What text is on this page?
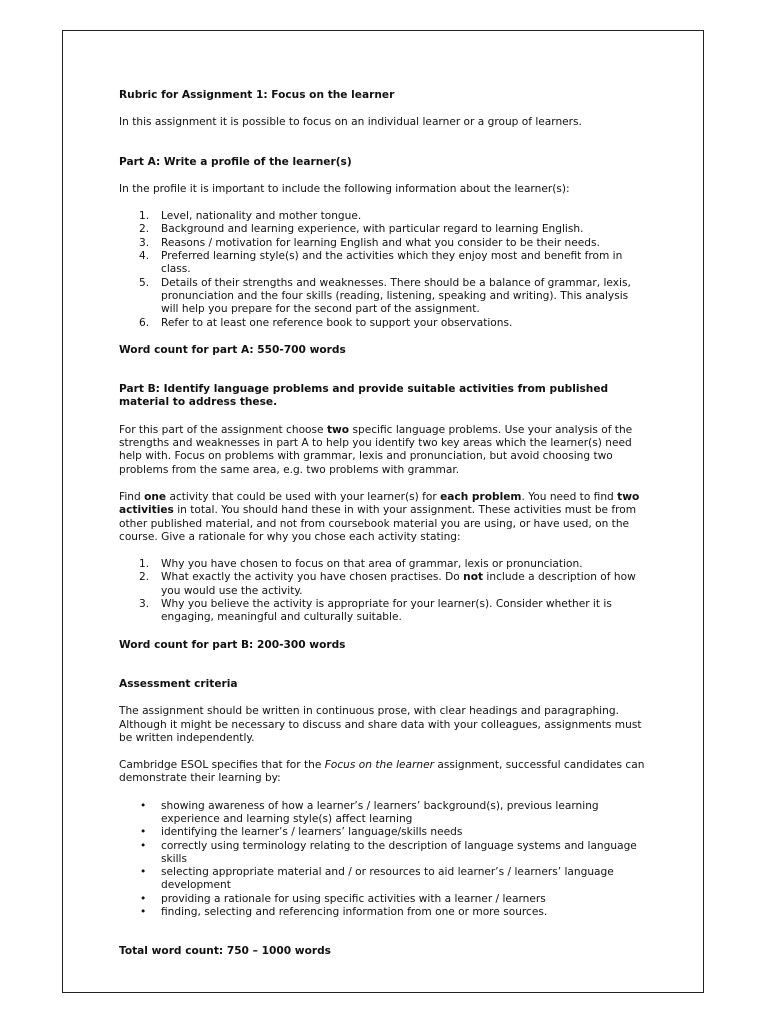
Rubric for Assignment 1: Focus on the learner

In this assignment it is possible to focus on an individual learner or a group of learners.

Part A: Write a profile of the learner(s)

In the profile it is important to include the following information about the learner(s):

1. Level, nationality and mother tongue.
2. Background and learning experience, with particular regard to learning English.
3. Reasons / motivation for learning English and what you consider to be their needs.
4. Preferred learning style(s) and the activities which they enjoy most and benefit from in class.
5. Details of their strengths and weaknesses. There should be a balance of grammar, lexis, pronunciation and the four skills (reading, listening, speaking and writing). This analysis will help you prepare for the second part of the assignment.
6. Refer to at least one reference book to support your observations.

Word count for part A: 550-700 words

Part B: Identify language problems and provide suitable activities from published material to address these.

For this part of the assignment choose two specific language problems. Use your analysis of the strengths and weaknesses in part A to help you identify two key areas which the learner(s) need help with. Focus on problems with grammar, lexis and pronunciation, but avoid choosing two problems from the same area, e.g. two problems with grammar.

Find one activity that could be used with your learner(s) for each problem. You need to find two activities in total. You should hand these in with your assignment. These activities must be from other published material, and not from coursebook material you are using, or have used, on the course. Give a rationale for why you chose each activity stating:

1. Why you have chosen to focus on that area of grammar, lexis or pronunciation.
2. What exactly the activity you have chosen practises. Do not include a description of how you would use the activity.
3. Why you believe the activity is appropriate for your learner(s). Consider whether it is engaging, meaningful and culturally suitable.

Word count for part B: 200-300 words

Assessment criteria

The assignment should be written in continuous prose, with clear headings and paragraphing. Although it might be necessary to discuss and share data with your colleagues, assignments must be written independently.

Cambridge ESOL specifies that for the Focus on the learner assignment, successful candidates can demonstrate their learning by:

• showing awareness of how a learner’s / learners’ background(s), previous learning experience and learning style(s) affect learning
• identifying the learner’s / learners’ language/skills needs
• correctly using terminology relating to the description of language systems and language skills
• selecting appropriate material and / or resources to aid learner’s / learners’ language development
• providing a rationale for using specific activities with a learner / learners
• finding, selecting and referencing information from one or more sources.

Total word count: 750 – 1000 words
